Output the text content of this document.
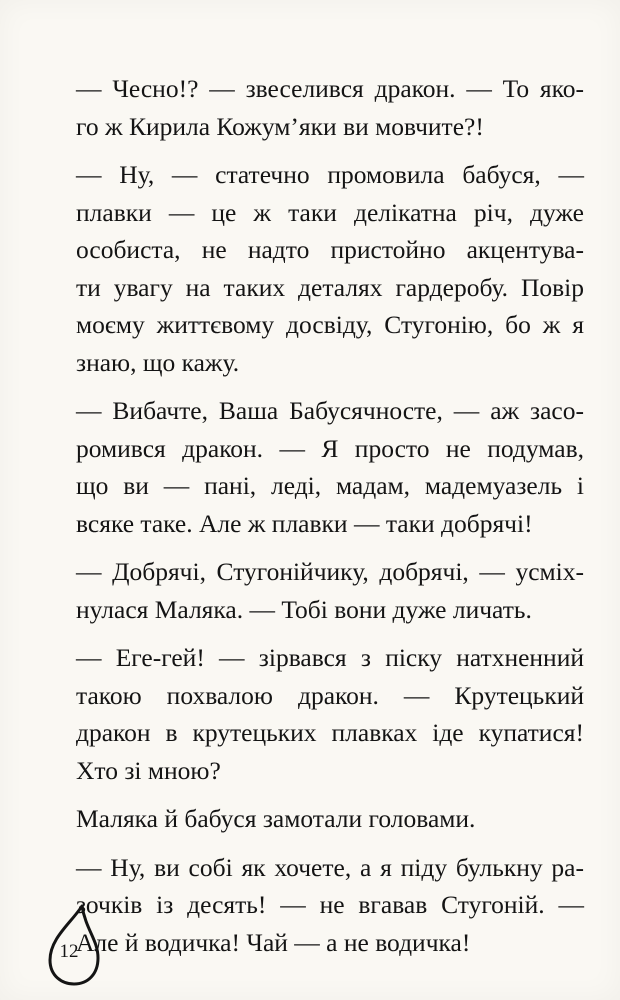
— Чесно!? — звеселився дракон. — То яко-
го ж Кирила Кожум’яки ви мовчите?!

— Ну, — статечно промовила бабуся, —
плавки — це ж таки делікатна річ, дуже
особиста, не надто пристойно акцентува-
ти увагу на таких деталях гардеробу. Повір
моєму життєвому досвіду, Стугонію, бо ж я
знаю, що кажу.

— Вибачте, Ваша Бабусячносте, — аж засо-
ромився дракон. — Я просто не подумав,
що ви — пані, леді, мадам, мадемуазель і
всяке таке. Але ж плавки — таки добрячі!

— Добрячі, Стугонійчику, добрячі, — усміх-
нулася Маляка. — Тобі вони дуже личать.

— Еге-гей! — зірвався з піску натхненний
такою похвалою дракон. — Крутецький
дракон в крутецьких плавках іде купатися!
Хто зі мною?

Маляка й бабуся замотали головами.

— Ну, ви собі як хочете, а я піду булькну ра-
зочків із десять! — не вгавав Стугоній. —
Але й водичка! Чай — а не водичка!

12
